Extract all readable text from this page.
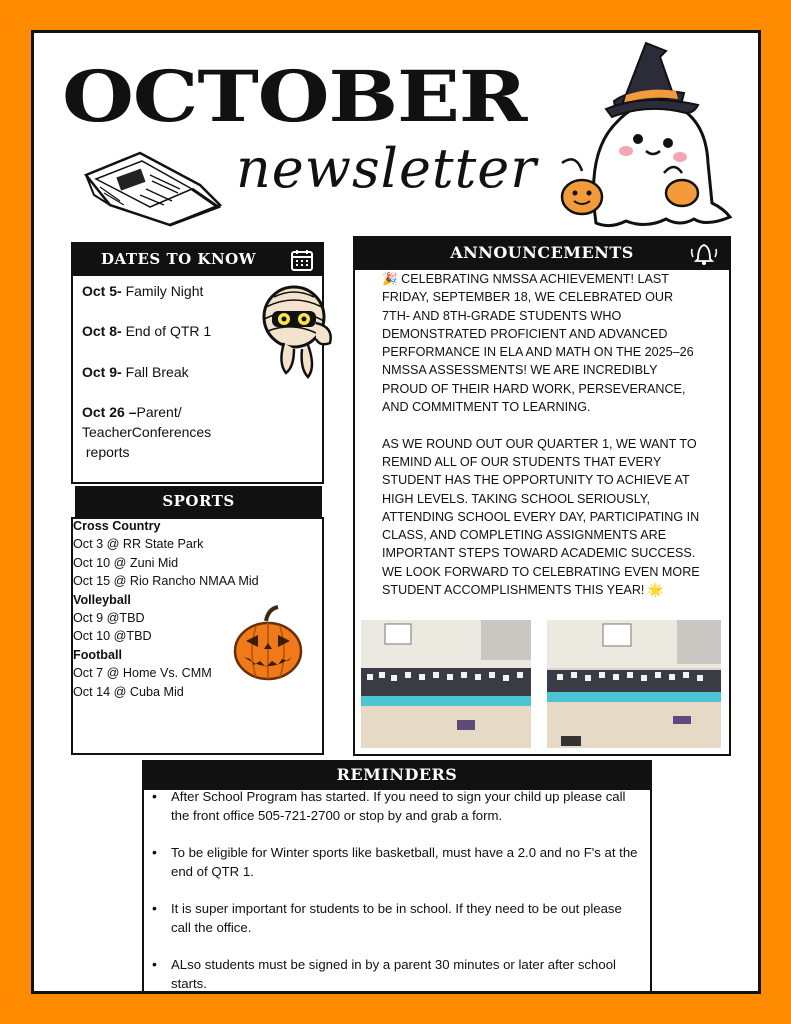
OCTOBER
newsletter
DATES TO KNOW
Oct 5- Family Night
Oct 8- End of QTR 1
Oct 9- Fall Break
Oct 26 –Parent/
TeacherConferences
reports
SPORTS
Cross Country
Oct 3 @ RR State Park
Oct 10 @ Zuni Mid
Oct 15 @ Rio Rancho NMAA Mid
Volleyball
Oct 9 @TBD
Oct 10 @TBD
Football
Oct 7 @ Home Vs. CMM
Oct 14 @ Cuba Mid
ANNOUNCEMENTS

🎉 CELEBRATING NMSSA ACHIEVEMENT! LAST FRIDAY, SEPTEMBER 18, WE CELEBRATED OUR 7TH- AND 8TH-GRADE STUDENTS WHO DEMONSTRATED PROFICIENT AND ADVANCED PERFORMANCE IN ELA AND MATH ON THE 2025–26 NMSSA ASSESSMENTS! WE ARE INCREDIBLY PROUD OF THEIR HARD WORK, PERSEVERANCE, AND COMMITMENT TO LEARNING.

AS WE ROUND OUT OUR QUARTER 1, WE WANT TO REMIND ALL OF OUR STUDENTS THAT EVERY STUDENT HAS THE OPPORTUNITY TO ACHIEVE AT HIGH LEVELS. TAKING SCHOOL SERIOUSLY, ATTENDING SCHOOL EVERY DAY, PARTICIPATING IN CLASS, AND COMPLETING ASSIGNMENTS ARE IMPORTANT STEPS TOWARD ACADEMIC SUCCESS. WE LOOK FORWARD TO CELEBRATING EVEN MORE STUDENT ACCOMPLISHMENTS THIS YEAR! 🌟

REMINDERS
• After School Program has started. If you need to sign your child up please call the front office 505-721-2700 or stop by and grab a form.
• To be eligible for Winter sports like basketball, must have a 2.0 and no F's at the end of QTR 1.
• It is super important for students to be in school. If they need to be out please call the office.
• ALso students must be signed in by a parent 30 minutes or later after school starts.
